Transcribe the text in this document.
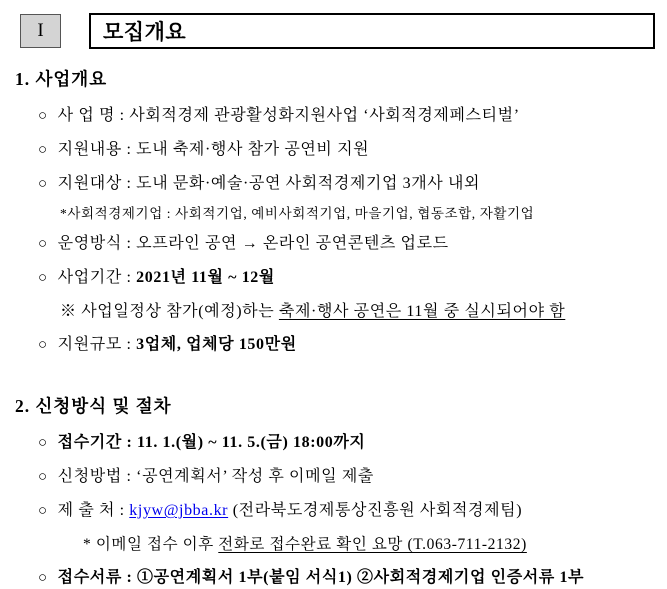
I	모집개요
1. 사업개요
○ 사 업 명 : 사회적경제 관광활성화지원사업 ‘사회적경제페스티벌’
○ 지원내용 : 도내 축제·행사 참가 공연비 지원
○ 지원대상 : 도내 문화·예술·공연 사회적경제기업 3개사 내외
*사회적경제기업 : 사회적기업, 예비사회적기업, 마을기업, 협동조합, 자활기업
○ 운영방식 : 오프라인 공연 → 온라인 공연콘텐츠 업로드
○ 사업기간 : 2021년 11월 ~ 12월
※ 사업일정상 참가(예정)하는 축제·행사 공연은 11월 중 실시되어야 함
○ 지원규모 : 3업체, 업체당 150만원
2. 신청방식 및 절차
○ 접수기간 : 11. 1.(월) ~ 11. 5.(금) 18:00까지
○ 신청방법 : ‘공연계획서’ 작성 후 이메일 제출
○ 제 출 처 : kjyw@jbba.kr (전라북도경제통상진흥원 사회적경제팀)
* 이메일 접수 이후 전화로 접수완료 확인 요망 (T.063-711-2132)
○ 접수서류 : ①공연계획서 1부(붙임 서식1) ②사회적경제기업 인증서류 1부
